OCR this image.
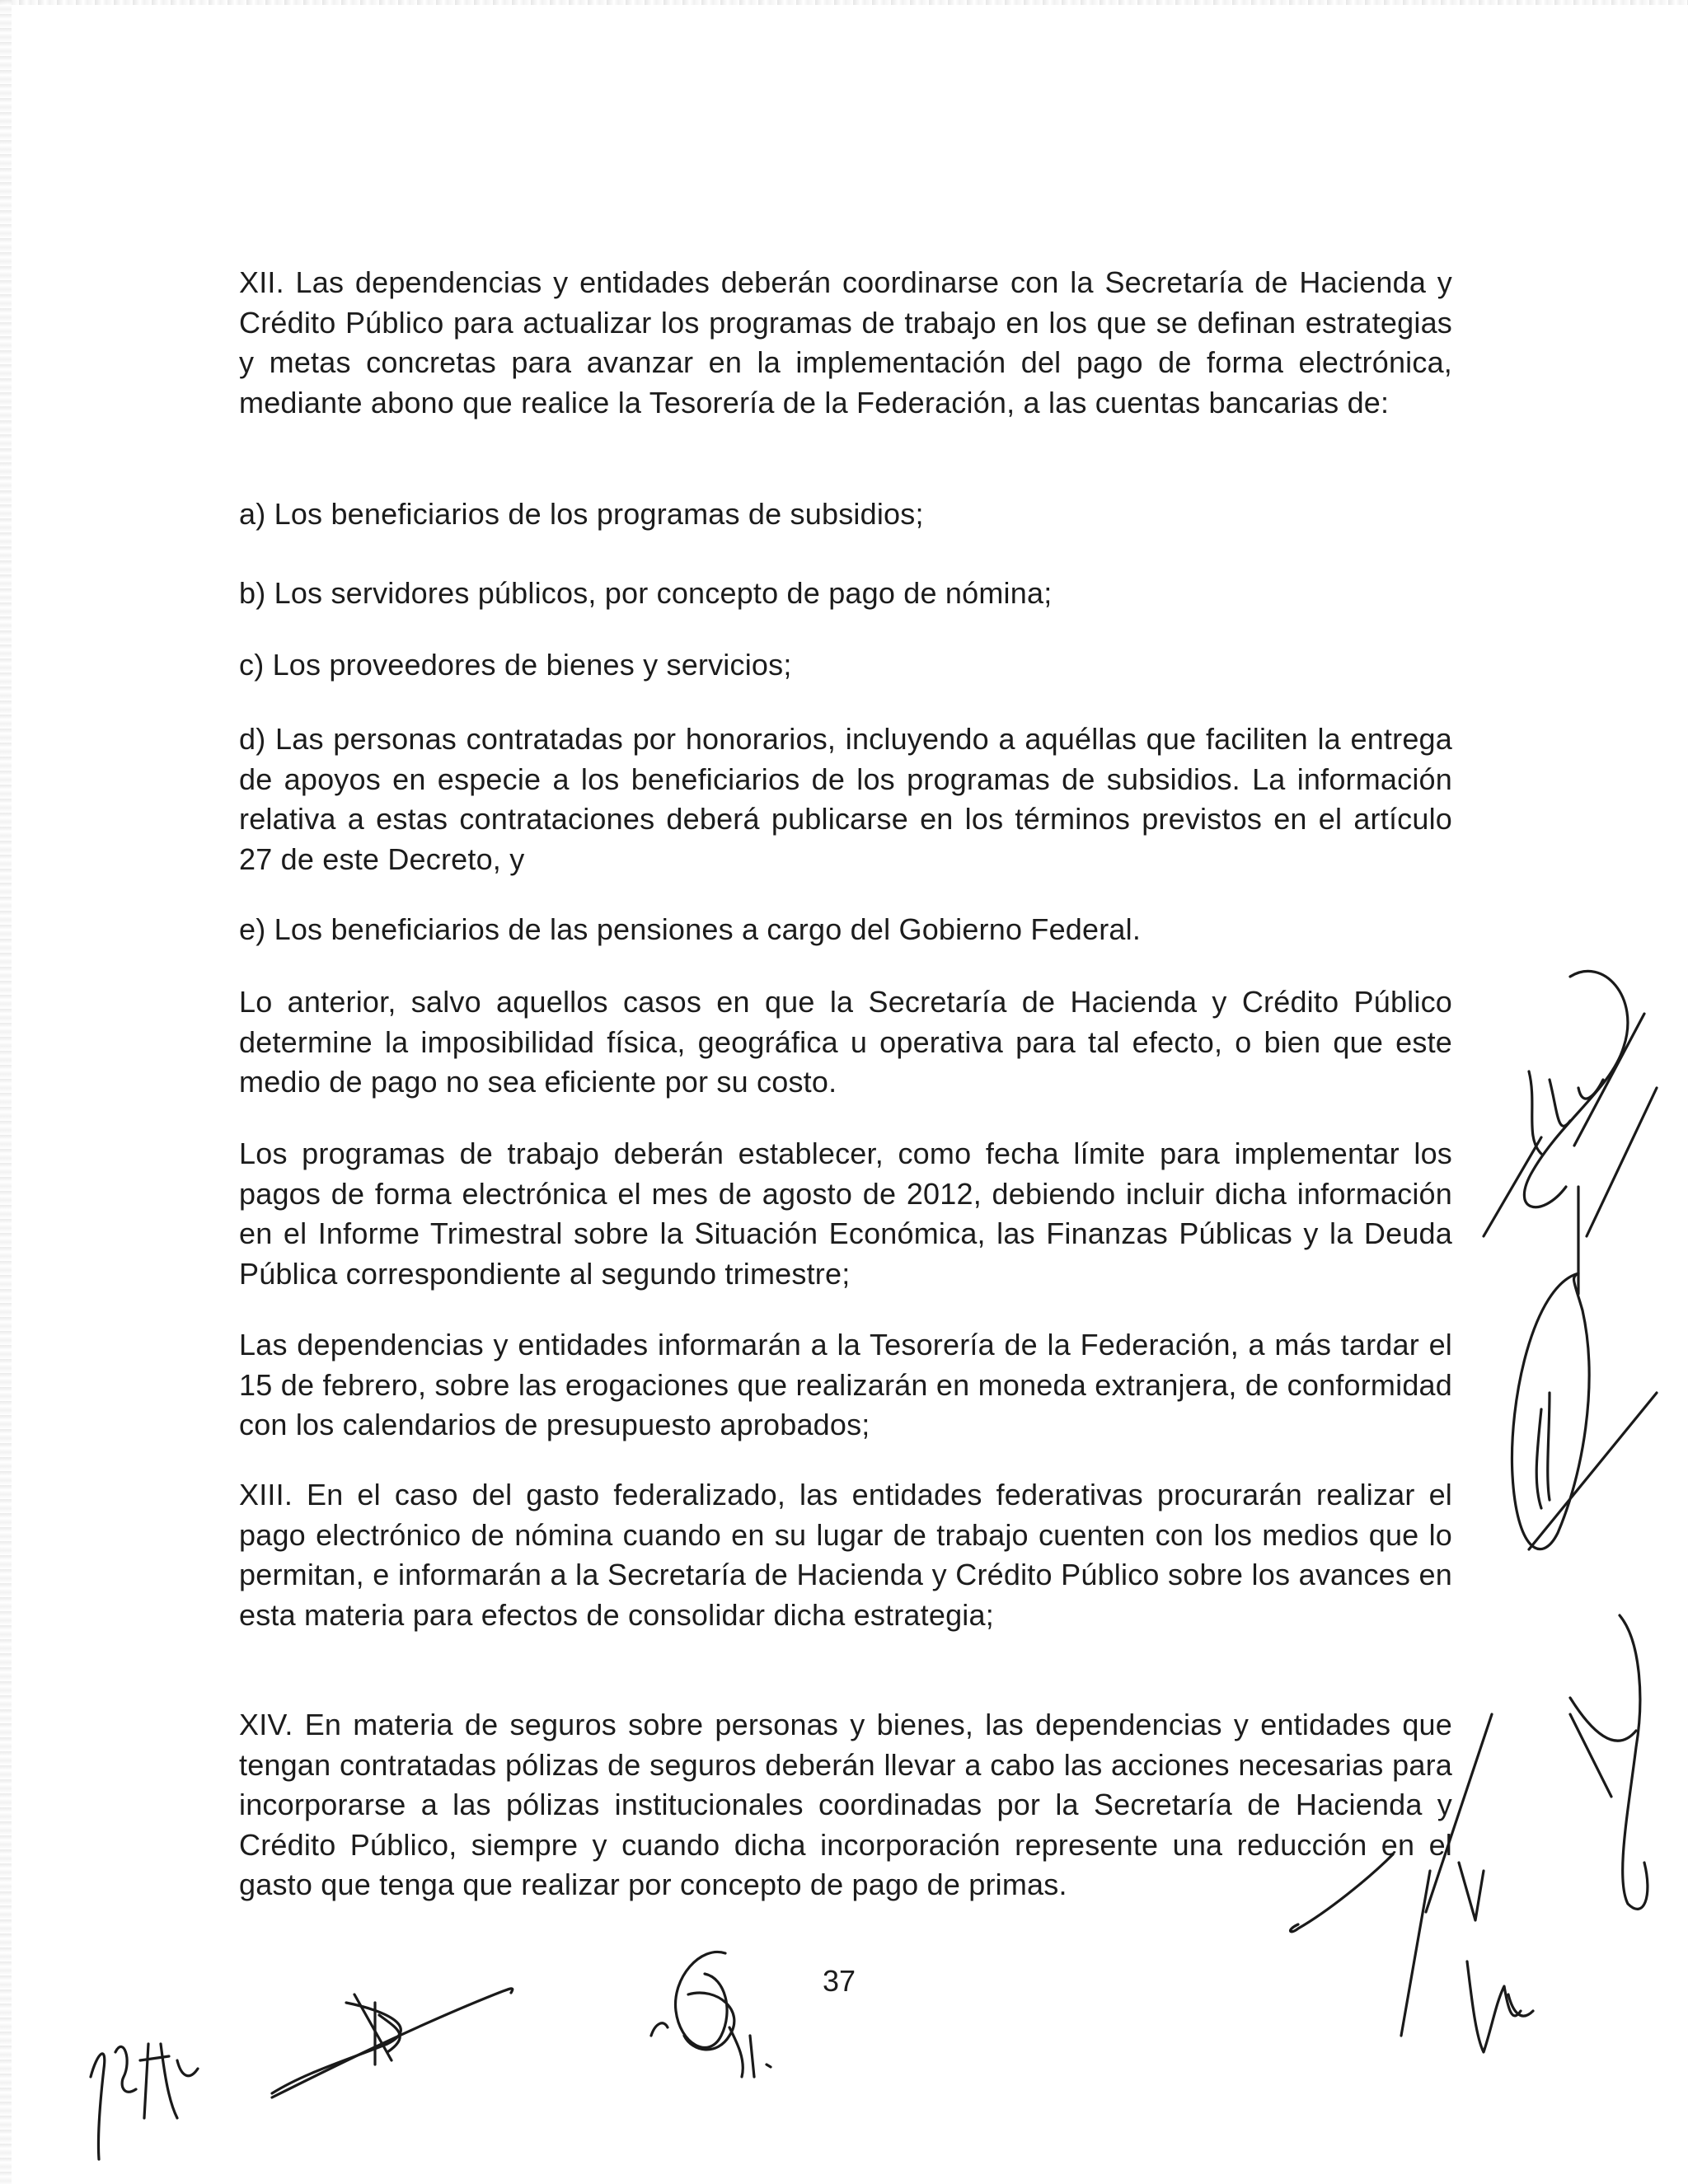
XII. Las dependencias y entidades deberán coordinarse con la Secretaría de Hacienda y Crédito Público para actualizar los programas de trabajo en los que se definan estrategias y metas concretas para avanzar en la implementación del pago de forma electrónica, mediante abono que realice la Tesorería de la Federación, a las cuentas bancarias de:

a) Los beneficiarios de los programas de subsidios;

b) Los servidores públicos, por concepto de pago de nómina;

c) Los proveedores de bienes y servicios;

d) Las personas contratadas por honorarios, incluyendo a aquéllas que faciliten la entrega de apoyos en especie a los beneficiarios de los programas de subsidios. La información relativa a estas contrataciones deberá publicarse en los términos previstos en el artículo 27 de este Decreto, y

e) Los beneficiarios de las pensiones a cargo del Gobierno Federal.

Lo anterior, salvo aquellos casos en que la Secretaría de Hacienda y Crédito Público determine la imposibilidad física, geográfica u operativa para tal efecto, o bien que este medio de pago no sea eficiente por su costo.

Los programas de trabajo deberán establecer, como fecha límite para implementar los pagos de forma electrónica el mes de agosto de 2012, debiendo incluir dicha información en el Informe Trimestral sobre la Situación Económica, las Finanzas Públicas y la Deuda Pública correspondiente al segundo trimestre;

Las dependencias y entidades informarán a la Tesorería de la Federación, a más tardar el 15 de febrero, sobre las erogaciones que realizarán en moneda extranjera, de conformidad con los calendarios de presupuesto aprobados;

XIII. En el caso del gasto federalizado, las entidades federativas procurarán realizar el pago electrónico de nómina cuando en su lugar de trabajo cuenten con los medios que lo permitan, e informarán a la Secretaría de Hacienda y Crédito Público sobre los avances en esta materia para efectos de consolidar dicha estrategia;

XIV. En materia de seguros sobre personas y bienes, las dependencias y entidades que tengan contratadas pólizas de seguros deberán llevar a cabo las acciones necesarias para incorporarse a las pólizas institucionales coordinadas por la Secretaría de Hacienda y Crédito Público, siempre y cuando dicha incorporación represente una reducción en el gasto que tenga que realizar por concepto de pago de primas.

37
